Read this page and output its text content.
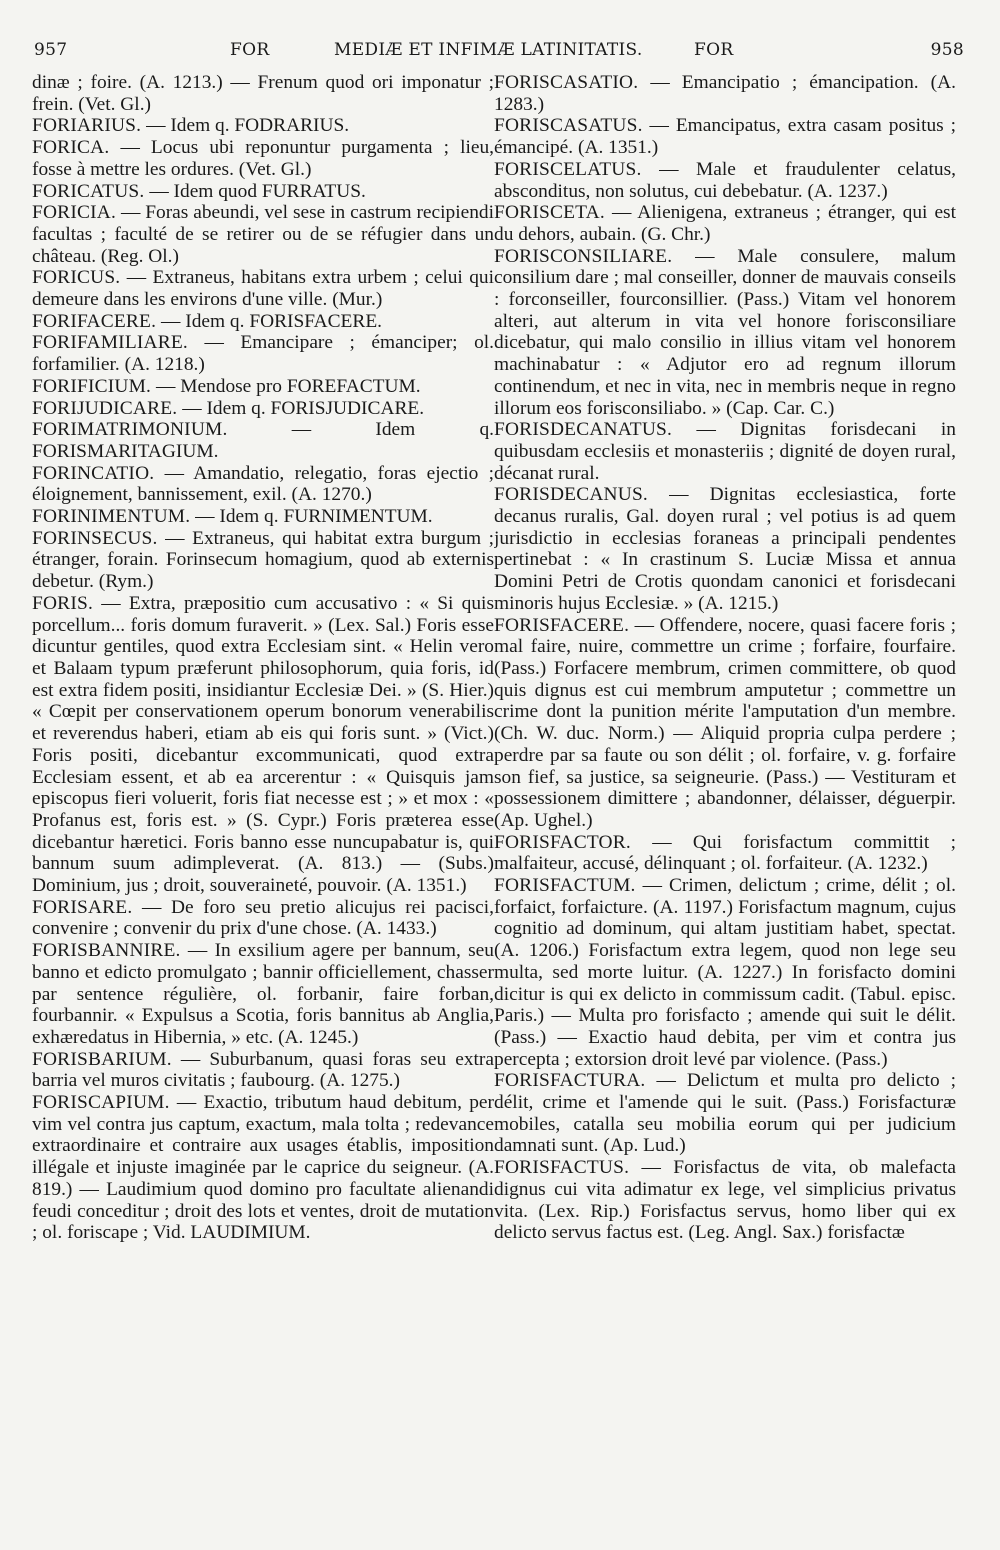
957	FOR	MEDIÆ ET INFIMÆ LATINITATIS.	FOR	958

dinæ ; foire. (A. 1213.) — Frenum quod ori imponatur ; frein. (Vet. Gl.)

FORIARIUS. — Idem q. FODRARIUS.

FORICA. — Locus ubi reponuntur purgamenta ; lieu, fosse à mettre les ordures. (Vet. Gl.)

FORICATUS. — Idem quod FURRATUS.

FORICIA. — Foras abeundi, vel sese in castrum recipiendi facultas ; faculté de se retirer ou de se réfugier dans un château. (Reg. Ol.)

FORICUS. — Extraneus, habitans extra urbem ; celui qui demeure dans les environs d'une ville. (Mur.)

FORIFACERE. — Idem q. FORISFACERE.

FORIFAMILIARE. — Emancipare ; émanciper; ol. forfamilier. (A. 1218.)

FORIFICIUM. — Mendose pro FOREFACTUM.

FORIJUDICARE. — Idem q. FORISJUDICARE.

FORIMATRIMONIUM.	— Idem q. FORISMARITAGIUM.

FORINCATIO. — Amandatio, relegatio, foras ejectio ; éloignement, bannissement, exil. (A. 1270.)

FORINIMENTUM. — Idem q. FURNIMENTUM.

FORINSECUS. — Extraneus, qui habitat extra burgum ; étranger, forain. Forinsecum homagium, quod ab externis debetur. (Rym.)

FORIS. — Extra, præpositio cum accusativo : « Si quis porcellum... foris domum furaverit. » (Lex. Sal.) Foris esse dicuntur gentiles, quod extra Ecclesiam sint. « Helin vero et Balaam typum præferunt philosophorum, quia foris, id est extra fidem positi, insidiantur Ecclesiæ Dei. » (S. Hier.) « Cœpit per conservationem operum bonorum venerabilis et reverendus haberi, etiam ab eis qui foris sunt. » (Vict.) Foris positi, dicebantur excommunicati, quod extra Ecclesiam essent, et ab ea arcerentur : « Quisquis jam episcopus fieri voluerit, foris fiat necesse est ; » et mox : « Profanus est, foris est. » (S. Cypr.) Foris præterea esse dicebantur hæretici. Foris banno esse nuncupabatur is, qui bannum suum adimpleverat. (A. 813.) — (Subs.) Dominium, jus ; droit, souveraineté, pouvoir. (A. 1351.)

FORISARE. — De foro seu pretio alicujus rei pacisci, convenire ; convenir du prix d'une chose. (A. 1433.)

FORISBANNIRE. — In exsilium agere per bannum, seu banno et edicto promulgato ; bannir officiellement, chasser par sentence régulière, ol. forbanir, faire forban, fourbannir. « Expulsus a Scotia, foris bannitus ab Anglia, exhæredatus in Hibernia, » etc. (A. 1245.)

FORISBARIUM. — Suburbanum, quasi foras seu extra barria vel muros civitatis ; faubourg. (A. 1275.)

FORISCAPIUM. — Exactio, tributum haud debitum, per vim vel contra jus captum, exactum, mala tolta ; redevance extraordinaire et contraire aux usages établis, imposition illégale et injuste imaginée par le caprice du seigneur. (A. 819.) — Laudimium quod domino pro facultate alienandi feudi conceditur ; droit des lots et ventes, droit de mutation ; ol. foriscape ; Vid. LAUDIMIUM.

FORISCASATIO. — Emancipatio ; émancipation. (A. 1283.)

FORISCASATUS. — Emancipatus, extra casam positus ; émancipé. (A. 1351.)

FORISCELATUS. — Male et fraudulenter celatus, absconditus, non solutus, cui debebatur. (A. 1237.)

FORISCETA. — Alienigena, extraneus ; étranger, qui est du dehors, aubain. (G. Chr.)

FORISCONSILIARE. — Male consulere, malum consilium dare ; mal conseiller, donner de mauvais conseils : forconseiller, fourconsillier. (Pass.) Vitam vel honorem alteri, aut alterum in vita vel honore forisconsiliare dicebatur, qui malo consilio in illius vitam vel honorem machinabatur : « Adjutor ero ad regnum illorum continendum, et nec in vita, nec in membris neque in regno illorum eos forisconsiliabo. » (Cap. Car. C.)

FORISDECANATUS. — Dignitas forisdecani in quibusdam ecclesiis et monasteriis ; dignité de doyen rural, décanat rural.

FORISDECANUS. — Dignitas ecclesiastica, forte decanus ruralis, Gal. doyen rural ; vel potius is ad quem jurisdictio in ecclesias foraneas a principali pendentes pertinebat : « In crastinum S. Luciæ Missa et annua Domini Petri de Crotis quondam canonici et forisdecani minoris hujus Ecclesiæ. » (A. 1215.)

FORISFACERE. — Offendere, nocere, quasi facere foris ; mal faire, nuire, commettre un crime ; forfaire, fourfaire. (Pass.) Forfacere membrum, crimen committere, ob quod quis dignus est cui membrum amputetur ; commettre un crime dont la punition mérite l'amputation d'un membre. (Ch. W. duc. Norm.) — Aliquid propria culpa perdere ; perdre par sa faute ou son délit ; ol. forfaire, v. g. forfaire son fief, sa justice, sa seigneurie. (Pass.) — Vestituram et possessionem dimittere ; abandonner, délaisser, déguerpir. (Ap. Ughel.)

FORISFACTOR. — Qui forisfactum committit ; malfaiteur, accusé, délinquant ; ol. forfaiteur. (A. 1232.)

FORISFACTUM. — Crimen, delictum ; crime, délit ; ol. forfaict, forfaicture. (A. 1197.) Forisfactum magnum, cujus cognitio ad dominum, qui altam justitiam habet, spectat. (A. 1206.) Forisfactum extra legem, quod non lege seu multa, sed morte luitur. (A. 1227.) In forisfacto domini dicitur is qui ex delicto in commissum cadit. (Tabul. episc. Paris.) — Multa pro forisfacto ; amende qui suit le délit. (Pass.) — Exactio haud debita, per vim et contra jus percepta ; extorsion droit levé par violence. (Pass.)

FORISFACTURA. — Delictum et multa pro delicto ; délit, crime et l'amende qui le suit. (Pass.) Forisfacturæ mobiles, catalla seu mobilia eorum qui per judicium damnati sunt. (Ap. Lud.)

FORISFACTUS. — Forisfactus de vita, ob malefacta dignus cui vita adimatur ex lege, vel simplicius privatus vita. (Lex. Rip.) Forisfactus servus, homo liber qui ex delicto servus factus est. (Leg. Angl. Sax.) forisfactæ
